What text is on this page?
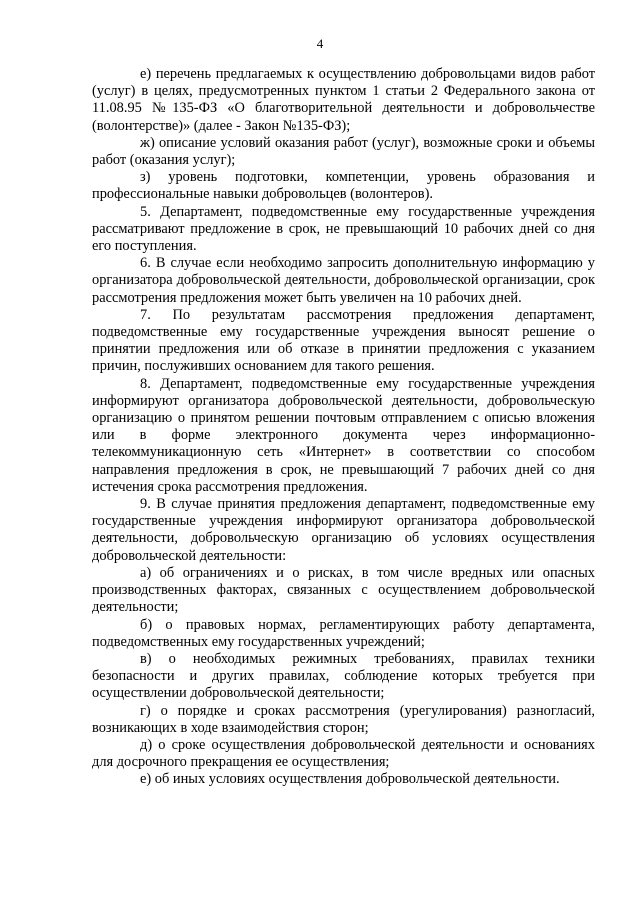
4

е) перечень предлагаемых к осуществлению добровольцами видов работ (услуг) в целях, предусмотренных пунктом 1 статьи 2 Федерального закона от 11.08.95 №135-ФЗ «О благотворительной деятельности и добровольчестве (волонтерстве)» (далее - Закон №135-ФЗ);

ж) описание условий оказания работ (услуг), возможные сроки и объемы работ (оказания услуг);

з) уровень подготовки, компетенции, уровень образования и профессиональные навыки добровольцев (волонтеров).

5. Департамент, подведомственные ему государственные учреждения рассматривают предложение в срок, не превышающий 10 рабочих дней со дня его поступления.

6. В случае если необходимо запросить дополнительную информацию у организатора добровольческой деятельности, добровольческой организации, срок рассмотрения предложения может быть увеличен на 10 рабочих дней.

7. По результатам рассмотрения предложения департамент, подведомственные ему государственные учреждения выносят решение о принятии предложения или об отказе в принятии предложения с указанием причин, послуживших основанием для такого решения.

8. Департамент, подведомственные ему государственные учреждения информируют организатора добровольческой деятельности, добровольческую организацию о принятом решении почтовым отправлением с описью вложения или в форме электронного документа через информационно-телекоммуникационную сеть «Интернет» в соответствии со способом направления предложения в срок, не превышающий 7 рабочих дней со дня истечения срока рассмотрения предложения.

9. В случае принятия предложения департамент, подведомственные ему государственные учреждения информируют организатора добровольческой деятельности, добровольческую организацию об условиях осуществления добровольческой деятельности:

а) об ограничениях и о рисках, в том числе вредных или опасных производственных факторах, связанных с осуществлением добровольческой деятельности;

б) о правовых нормах, регламентирующих работу департамента, подведомственных ему государственных учреждений;

в) о необходимых режимных требованиях, правилах техники безопасности и других правилах, соблюдение которых требуется при осуществлении добровольческой деятельности;

г) о порядке и сроках рассмотрения (урегулирования) разногласий, возникающих в ходе взаимодействия сторон;

д) о сроке осуществления добровольческой деятельности и основаниях для досрочного прекращения ее осуществления;

е) об иных условиях осуществления добровольческой деятельности.
